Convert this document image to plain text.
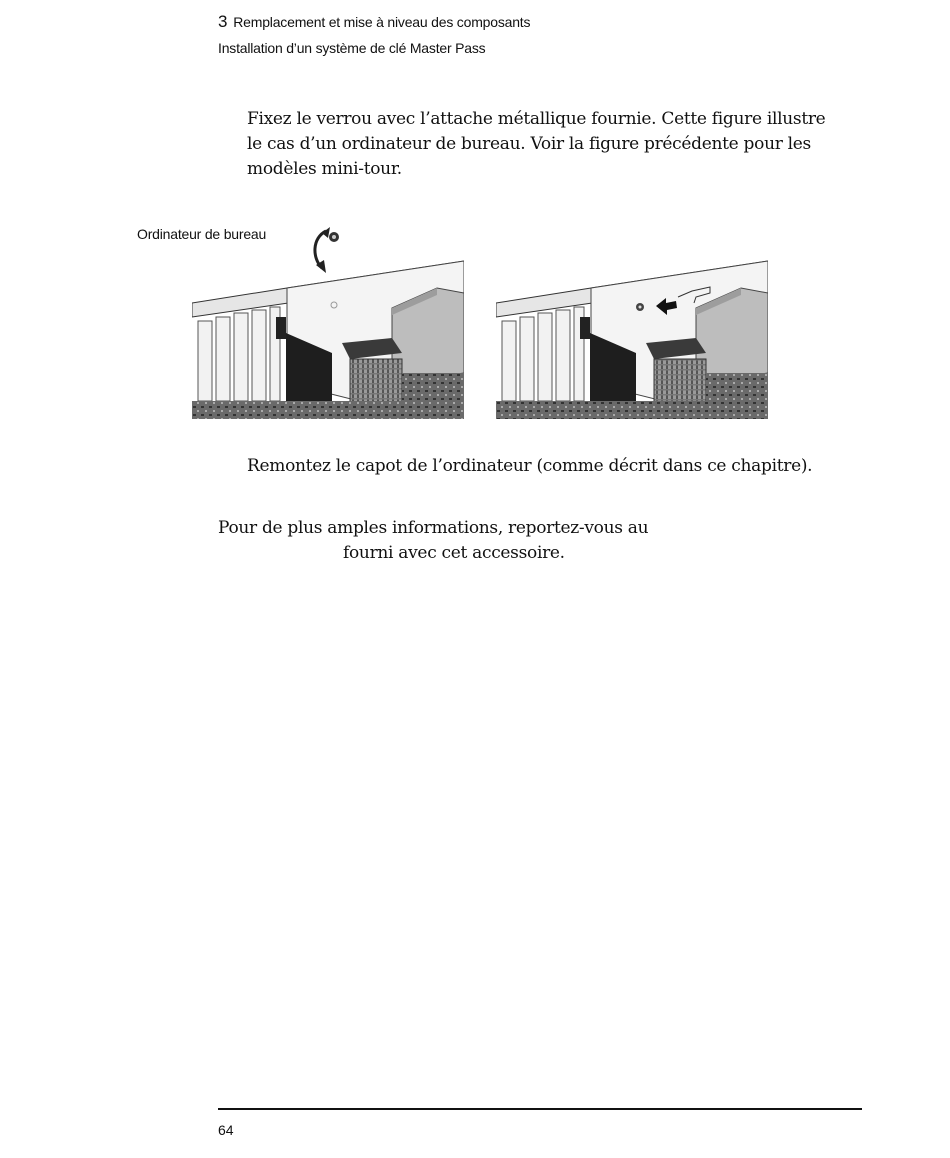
3 Remplacement et mise à niveau des composants
Installation d’un système de clé Master Pass
Fixez le verrou avec l’attache métallique fournie. Cette figure illustre
le cas d’un ordinateur de bureau. Voir la figure précédente pour les
modèles mini-tour.
Ordinateur de bureau
Remontez le capot de l’ordinateur (comme décrit dans ce chapitre).
Pour de plus amples informations, reportez-vous au
fourni avec cet accessoire.
64
